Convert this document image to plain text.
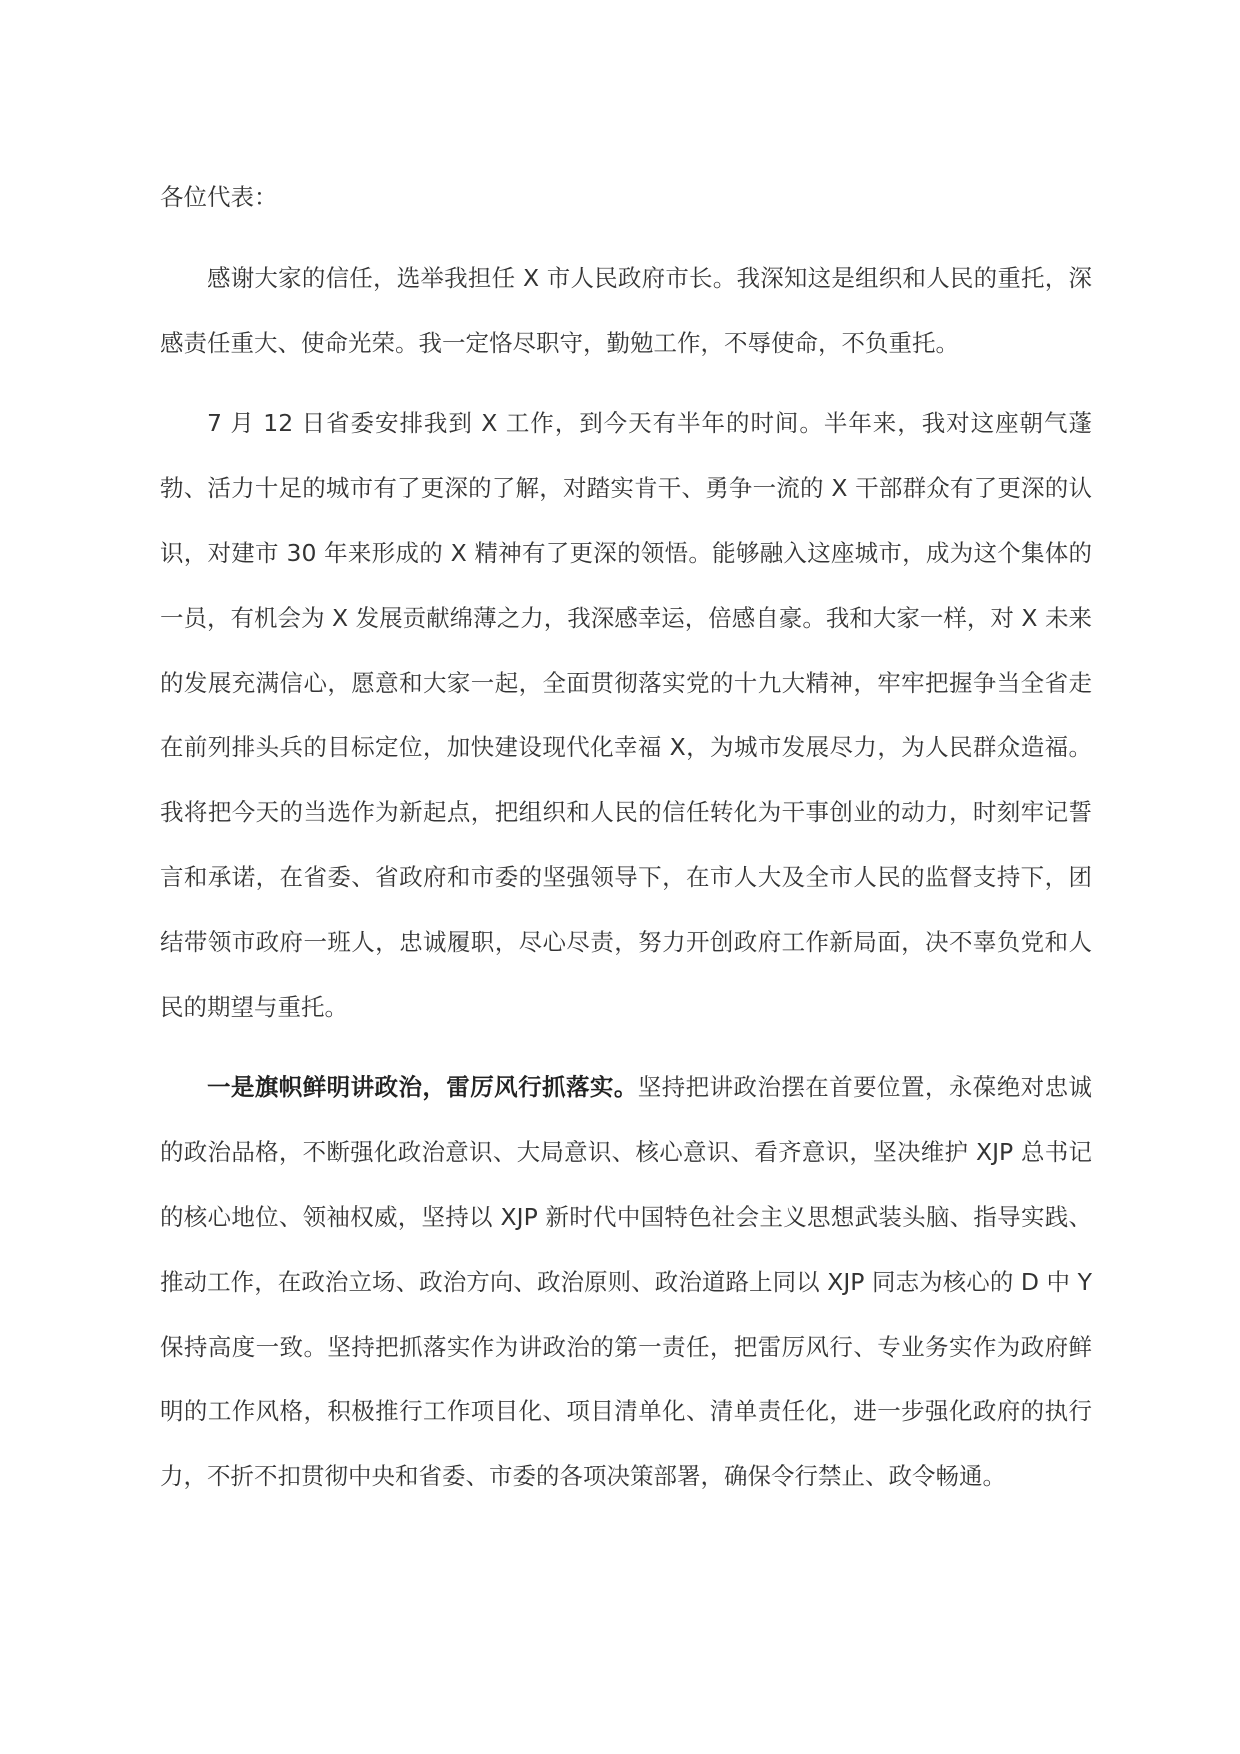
各位代表：

感谢大家的信任，选举我担任 X 市人民政府市长。我深知这是组织和人民的重托，深感责任重大、使命光荣。我一定恪尽职守，勤勉工作，不辱使命，不负重托。

7 月 12 日省委安排我到 X 工作，到今天有半年的时间。半年来，我对这座朝气蓬勃、活力十足的城市有了更深的了解，对踏实肯干、勇争一流的 X 干部群众有了更深的认识，对建市 30 年来形成的 X 精神有了更深的领悟。能够融入这座城市，成为这个集体的一员，有机会为 X 发展贡献绵薄之力，我深感幸运，倍感自豪。我和大家一样，对 X 未来的发展充满信心，愿意和大家一起，全面贯彻落实党的十九大精神，牢牢把握争当全省走在前列排头兵的目标定位，加快建设现代化幸福 X，为城市发展尽力，为人民群众造福。我将把今天的当选作为新起点，把组织和人民的信任转化为干事创业的动力，时刻牢记誓言和承诺，在省委、省政府和市委的坚强领导下，在市人大及全市人民的监督支持下，团结带领市政府一班人，忠诚履职，尽心尽责，努力开创政府工作新局面，决不辜负党和人民的期望与重托。

一是旗帜鲜明讲政治，雷厉风行抓落实。坚持把讲政治摆在首要位置，永葆绝对忠诚的政治品格，不断强化政治意识、大局意识、核心意识、看齐意识，坚决维护 XJP 总书记的核心地位、领袖权威，坚持以 XJP 新时代中国特色社会主义思想武装头脑、指导实践、推动工作，在政治立场、政治方向、政治原则、政治道路上同以 XJP 同志为核心的 D 中 Y 保持高度一致。坚持把抓落实作为讲政治的第一责任，把雷厉风行、专业务实作为政府鲜明的工作风格，积极推行工作项目化、项目清单化、清单责任化，进一步强化政府的执行力，不折不扣贯彻中央和省委、市委的各项决策部署，确保令行禁止、政令畅通。
